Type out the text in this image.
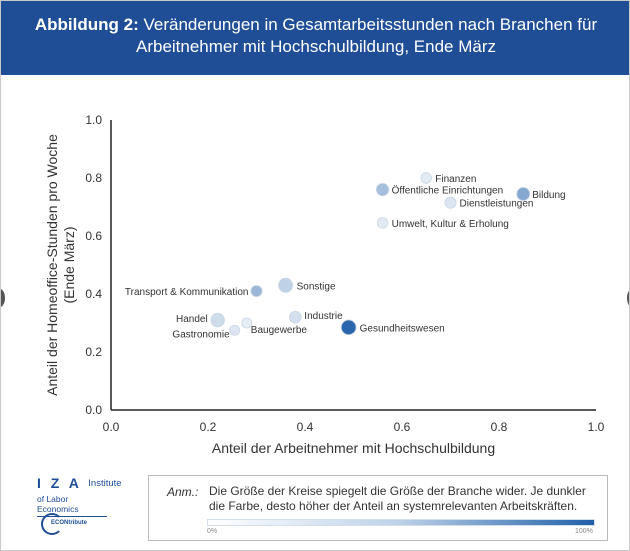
Abbildung 2: Veränderungen in Gesamtarbeitsstunden nach Branchen für
Arbeitnehmer mit Hochschulbildung, Ende März
0.0	0.2	0.4	0.6	0.8	1.0
0.0
0.2
0.4
0.6
0.8
1.0
Anteil der Arbeitnehmer mit Hochschulbildung
Anteil der Homeoffice-Stunden pro Woche (Ende März)
Finanzen
Öffentliche Einrichtungen	Bildung
Dienstleistungen
Umwelt, Kultur & Erholung
Sonstige
Transport & Kommunikation
Industrie
Handel
Baugewerbe
Gastronomie
Gesundheitswesen
I Z A Institute
of Labor Economics
ECONtribute
Anm.: Die Größe der Kreise spiegelt die Größe der Branche wider. Je dunkler die Farbe, desto höher der Anteil an systemrelevanten Arbeitskräften.
0%	100%
